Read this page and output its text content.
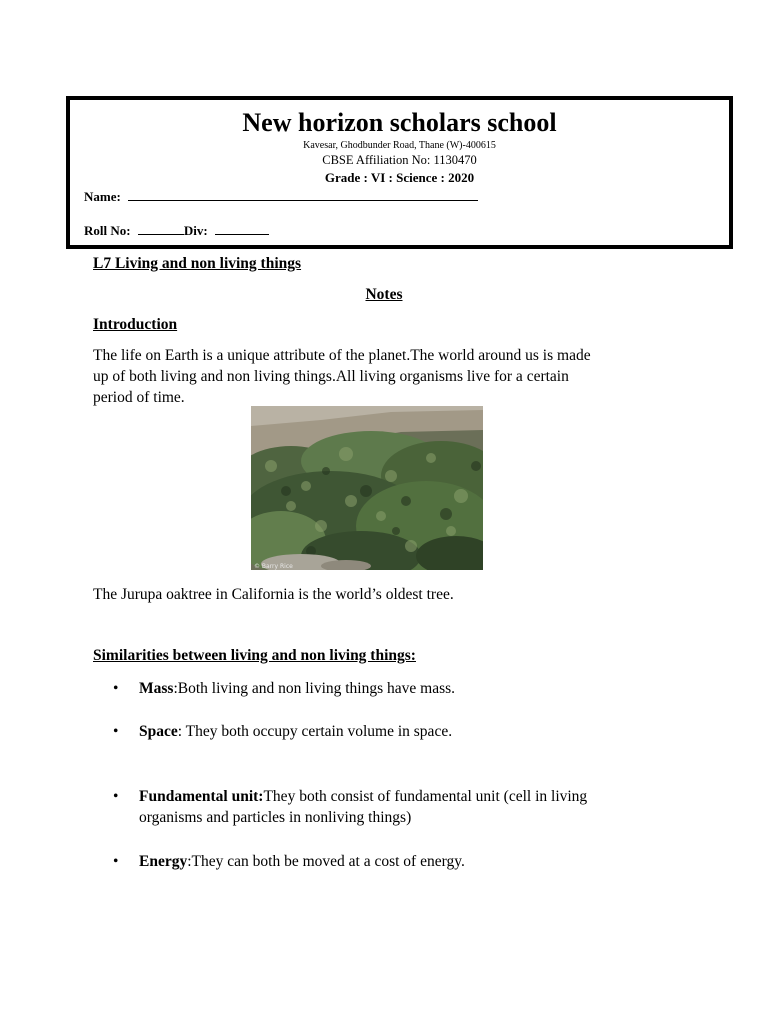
New horizon scholars school
Kavesar, Ghodbunder Road, Thane (W)-400615
CBSE Affiliation No: 1130470
Grade : VI : Science : 2020
Name:
Roll No:	Div:
L7 Living and non living things
Notes
Introduction
The life on Earth is a unique attribute of the planet.The world around us is made
up of both living and non living things.All living organisms live for a certain
period of time.
© Barry Rice
The Jurupa oaktree in California is the world’s oldest tree.
Similarities between living and non living things:
•	Mass:Both living and non living things have mass.
•	Space: They both occupy certain volume in space.
•	Fundamental unit:They both consist of fundamental unit (cell in living
organisms and particles in nonliving things)
•	Energy:They can both be moved at a cost of energy.
